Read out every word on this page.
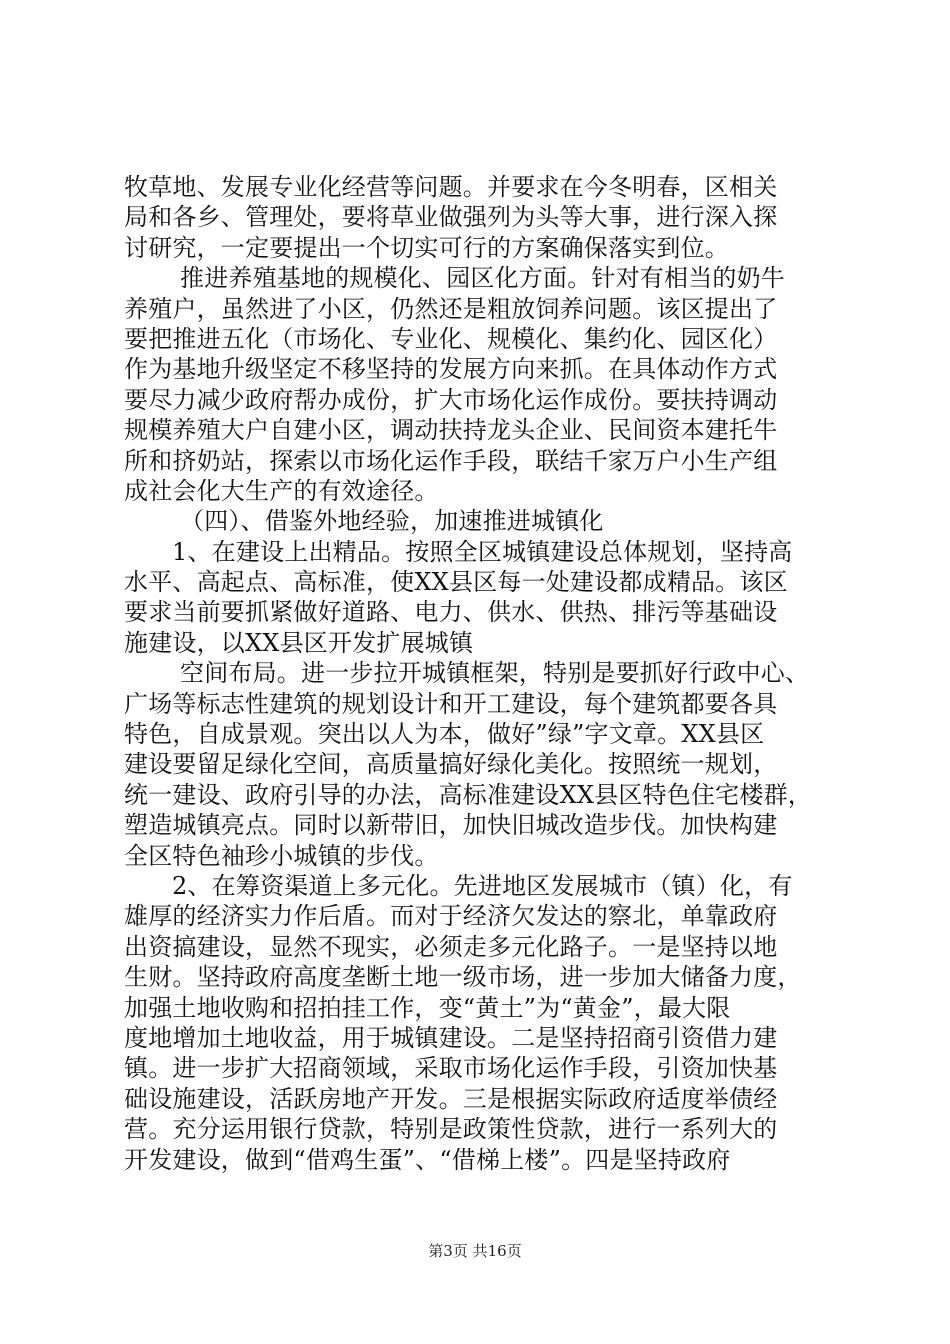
牧草地、发展专业化经营等问题。并要求在今冬明春，区相关
局和各乡、管理处，要将草业做强列为头等大事，进行深入探
讨研究，一定要提出一个切实可行的方案确保落实到位。
推进养殖基地的规模化、园区化方面。针对有相当的奶牛
养殖户，虽然进了小区，仍然还是粗放饲养问题。该区提出了
要把推进五化（市场化、专业化、规模化、集约化、园区化）
作为基地升级坚定不移坚持的发展方向来抓。在具体动作方式
要尽力减少政府帮办成份，扩大市场化运作成份。要扶持调动
规模养殖大户自建小区，调动扶持龙头企业、民间资本建托牛
所和挤奶站，探索以市场化运作手段，联结千家万户小生产组
成社会化大生产的有效途径。
（四）、借鉴外地经验，加速推进城镇化
1、在建设上出精品。按照全区城镇建设总体规划，坚持高
水平、高起点、高标准，使XX县区每一处建设都成精品。该区
要求当前要抓紧做好道路、电力、供水、供热、排污等基础设
施建设，以XX县区开发扩展城镇
空间布局。进一步拉开城镇框架，特别是要抓好行政中心、
广场等标志性建筑的规划设计和开工建设，每个建筑都要各具
特色，自成景观。突出以人为本，做好”绿”字文章。XX县区
建设要留足绿化空间，高质量搞好绿化美化。按照统一规划，
统一建设、政府引导的办法，高标准建设XX县区特色住宅楼群，
塑造城镇亮点。同时以新带旧，加快旧城改造步伐。加快构建
全区特色袖珍小城镇的步伐。
2、在筹资渠道上多元化。先进地区发展城市（镇）化，有
雄厚的经济实力作后盾。而对于经济欠发达的察北，单靠政府
出资搞建设，显然不现实，必须走多元化路子。一是坚持以地
生财。坚持政府高度垄断土地一级市场，进一步加大储备力度，
加强土地收购和招拍挂工作，变“黄土”为“黄金”，最大限
度地增加土地收益，用于城镇建设。二是坚持招商引资借力建
镇。进一步扩大招商领域，采取市场化运作手段，引资加快基
础设施建设，活跃房地产开发。三是根据实际政府适度举债经
营。充分运用银行贷款，特别是政策性贷款，进行一系列大的
开发建设，做到“借鸡生蛋”、“借梯上楼”。四是坚持政府
第3页 共16页
